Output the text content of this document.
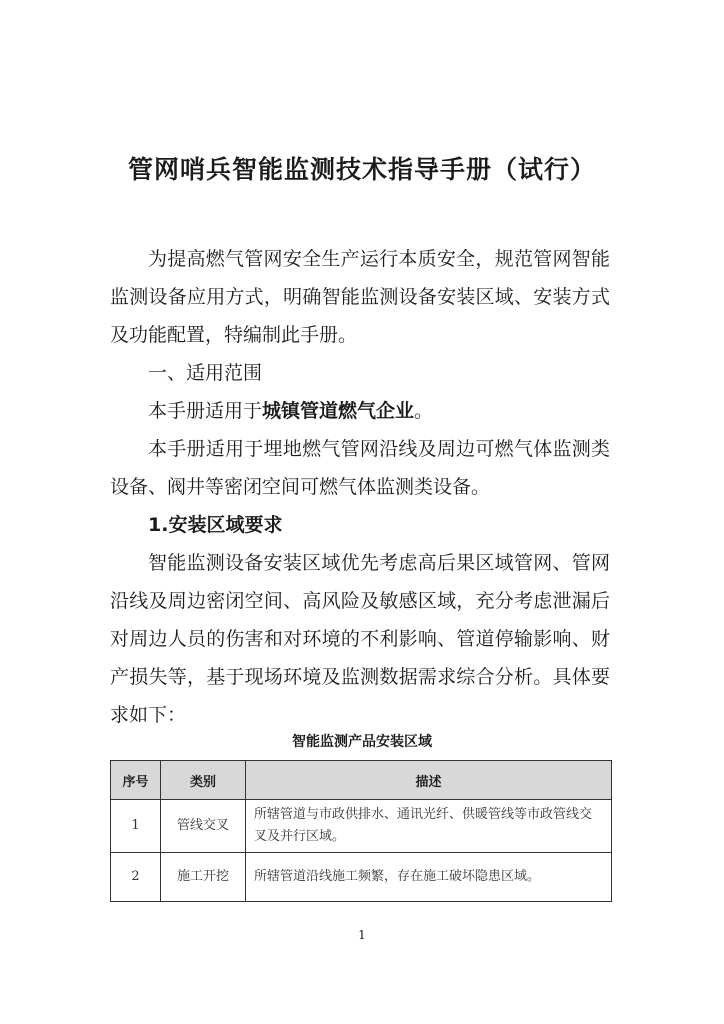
管网哨兵智能监测技术指导手册（试行）

为提高燃气管网安全生产运行本质安全，规范管网智能监测设备应用方式，明确智能监测设备安装区域、安装方式及功能配置，特编制此手册。

一、适用范围

本手册适用于城镇管道燃气企业。

本手册适用于埋地燃气管网沿线及周边可燃气体监测类设备、阀井等密闭空间可燃气体监测类设备。

1.安装区域要求

智能监测设备安装区域优先考虑高后果区域管网、管网沿线及周边密闭空间、高风险及敏感区域，充分考虑泄漏后对周边人员的伤害和对环境的不利影响、管道停输影响、财产损失等，基于现场环境及监测数据需求综合分析。具体要求如下：

智能监测产品安装区域
序号	类别	描述
1	管线交叉	所辖管道与市政供排水、通讯光纤、供暖管线等市政管线交叉及并行区域。
2	施工开挖	所辖管道沿线施工频繁，存在施工破坏隐患区域。
1
